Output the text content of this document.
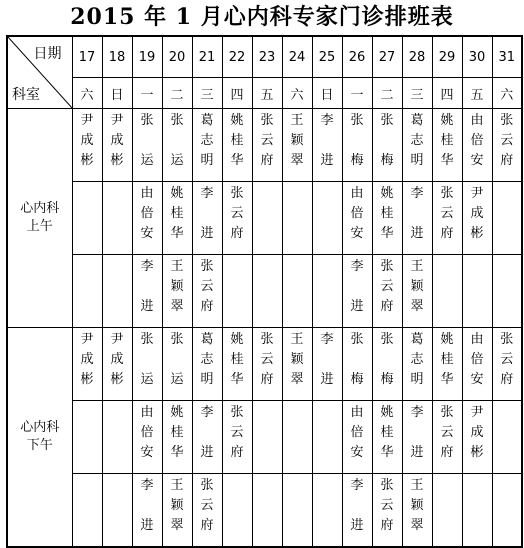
2015 年 1 月心内科专家门诊排班表
日期
科室	17	18	19	20	21	22	23	24	25	26	27	28	29	30	31
	六	日	一	二	三	四	五	六	日	一	二	三	四	五	六

心内科
上午	尹成彬	尹成彬	张运	张运	葛志明	姚桂华	张云府	王颖翠	李进	张梅	张梅	葛志明	姚桂华	由倍安	张云府
			由倍安	姚桂华	李进	张云府				由倍安	姚桂华	李进	张云府	尹成彬	
			李进	王颖翠	张云府					李进	张云府	王颖翠			

心内科
下午	尹成彬	尹成彬	张运	张运	葛志明	姚桂华	张云府	王颖翠	李进	张梅	张梅	葛志明	姚桂华	由倍安	张云府
			由倍安	姚桂华	李进	张云府				由倍安	姚桂华	李进	张云府	尹成彬	
			李进	王颖翠	张云府					李进	张云府	王颖翠			
